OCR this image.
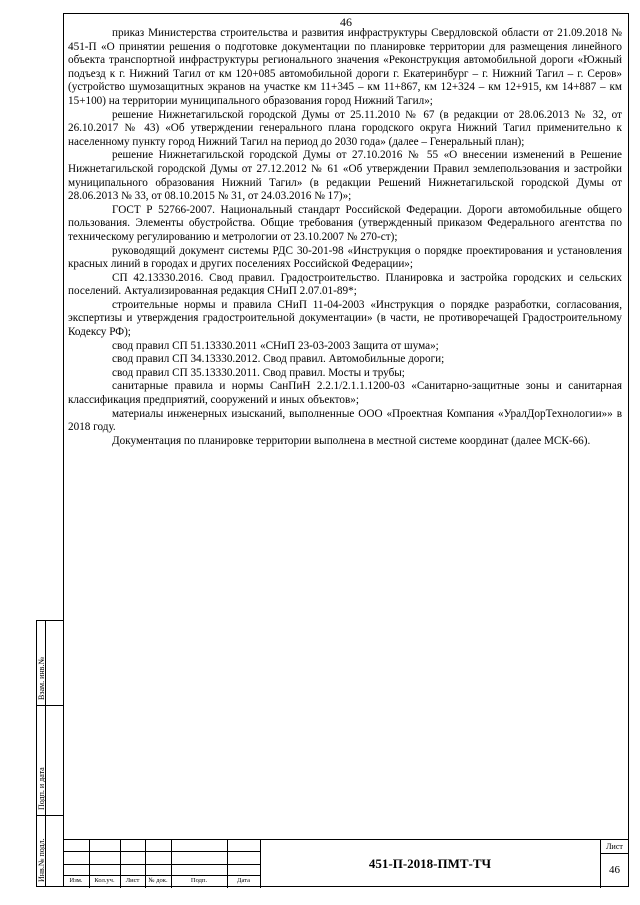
46

приказ Министерства строительства и развития инфраструктуры Свердловской области от 21.09.2018 № 451-П «О принятии решения о подготовке документации по планировке территории для размещения линейного объекта транспортной инфраструктуры регионального значения «Реконструкция автомобильной дороги «Южный подъезд к г. Нижний Тагил от км 120+085 автомобильной дороги г. Екатеринбург – г. Нижний Тагил – г. Серов» (устройство шумозащитных экранов на участке км 11+345 – км 11+867, км 12+324 – км 12+915, км 14+887 – км 15+100) на территории муниципального образования город Нижний Тагил»;

решение Нижнетагильской городской Думы от 25.11.2010 № 67 (в редакции от 28.06.2013 № 32, от 26.10.2017 № 43) «Об утверждении генерального плана городского округа Нижний Тагил применительно к населенному пункту город Нижний Тагил на период до 2030 года» (далее – Генеральный план);

решение Нижнетагильской городской Думы от 27.10.2016 № 55 «О внесении изменений в Решение Нижнетагильской городской Думы от 27.12.2012 № 61 «Об утверждении Правил землепользования и застройки муниципального образования Нижний Тагил» (в редакции Решений Нижнетагильской городской Думы от 28.06.2013 № 33, от 08.10.2015 № 31, от 24.03.2016 № 17)»;

ГОСТ Р 52766-2007. Национальный стандарт Российской Федерации. Дороги автомобильные общего пользования. Элементы обустройства. Общие требования (утвержденный приказом Федерального агентства по техническому регулированию и метрологии от 23.10.2007 № 270-ст);

руководящий документ системы РДС 30-201-98 «Инструкция о порядке проектирования и установления красных линий в городах и других поселениях Российской Федерации»;

СП 42.13330.2016. Свод правил. Градостроительство. Планировка и застройка городских и сельских поселений. Актуализированная редакция СНиП 2.07.01-89*;

строительные нормы и правила СНиП 11-04-2003 «Инструкция о порядке разработки, согласования, экспертизы и утверждения градостроительной документации» (в части, не противоречащей Градостроительному Кодексу РФ);

свод правил СП 51.13330.2011 «СНиП 23-03-2003 Защита от шума»;

свод правил СП 34.13330.2012. Свод правил. Автомобильные дороги;

свод правил СП 35.13330.2011. Свод правил. Мосты и трубы;

санитарные правила и нормы СанПиН 2.2.1/2.1.1.1200-03 «Санитарно-защитные зоны и санитарная классификация предприятий, сооружений и иных объектов»;

материалы инженерных изысканий, выполненные ООО «Проектная Компания «УралДорТехнологии»» в 2018 году.

Документация по планировке территории выполнена в местной системе координат (далее МСК-66).

Взам. инв.№
Подп. и дата
Инв.№ подл.	Изм.	Кол.уч.	Лист	№ док.	Подп.	Дата
451-П-2018-ПМТ-ТЧ
Лист
46
